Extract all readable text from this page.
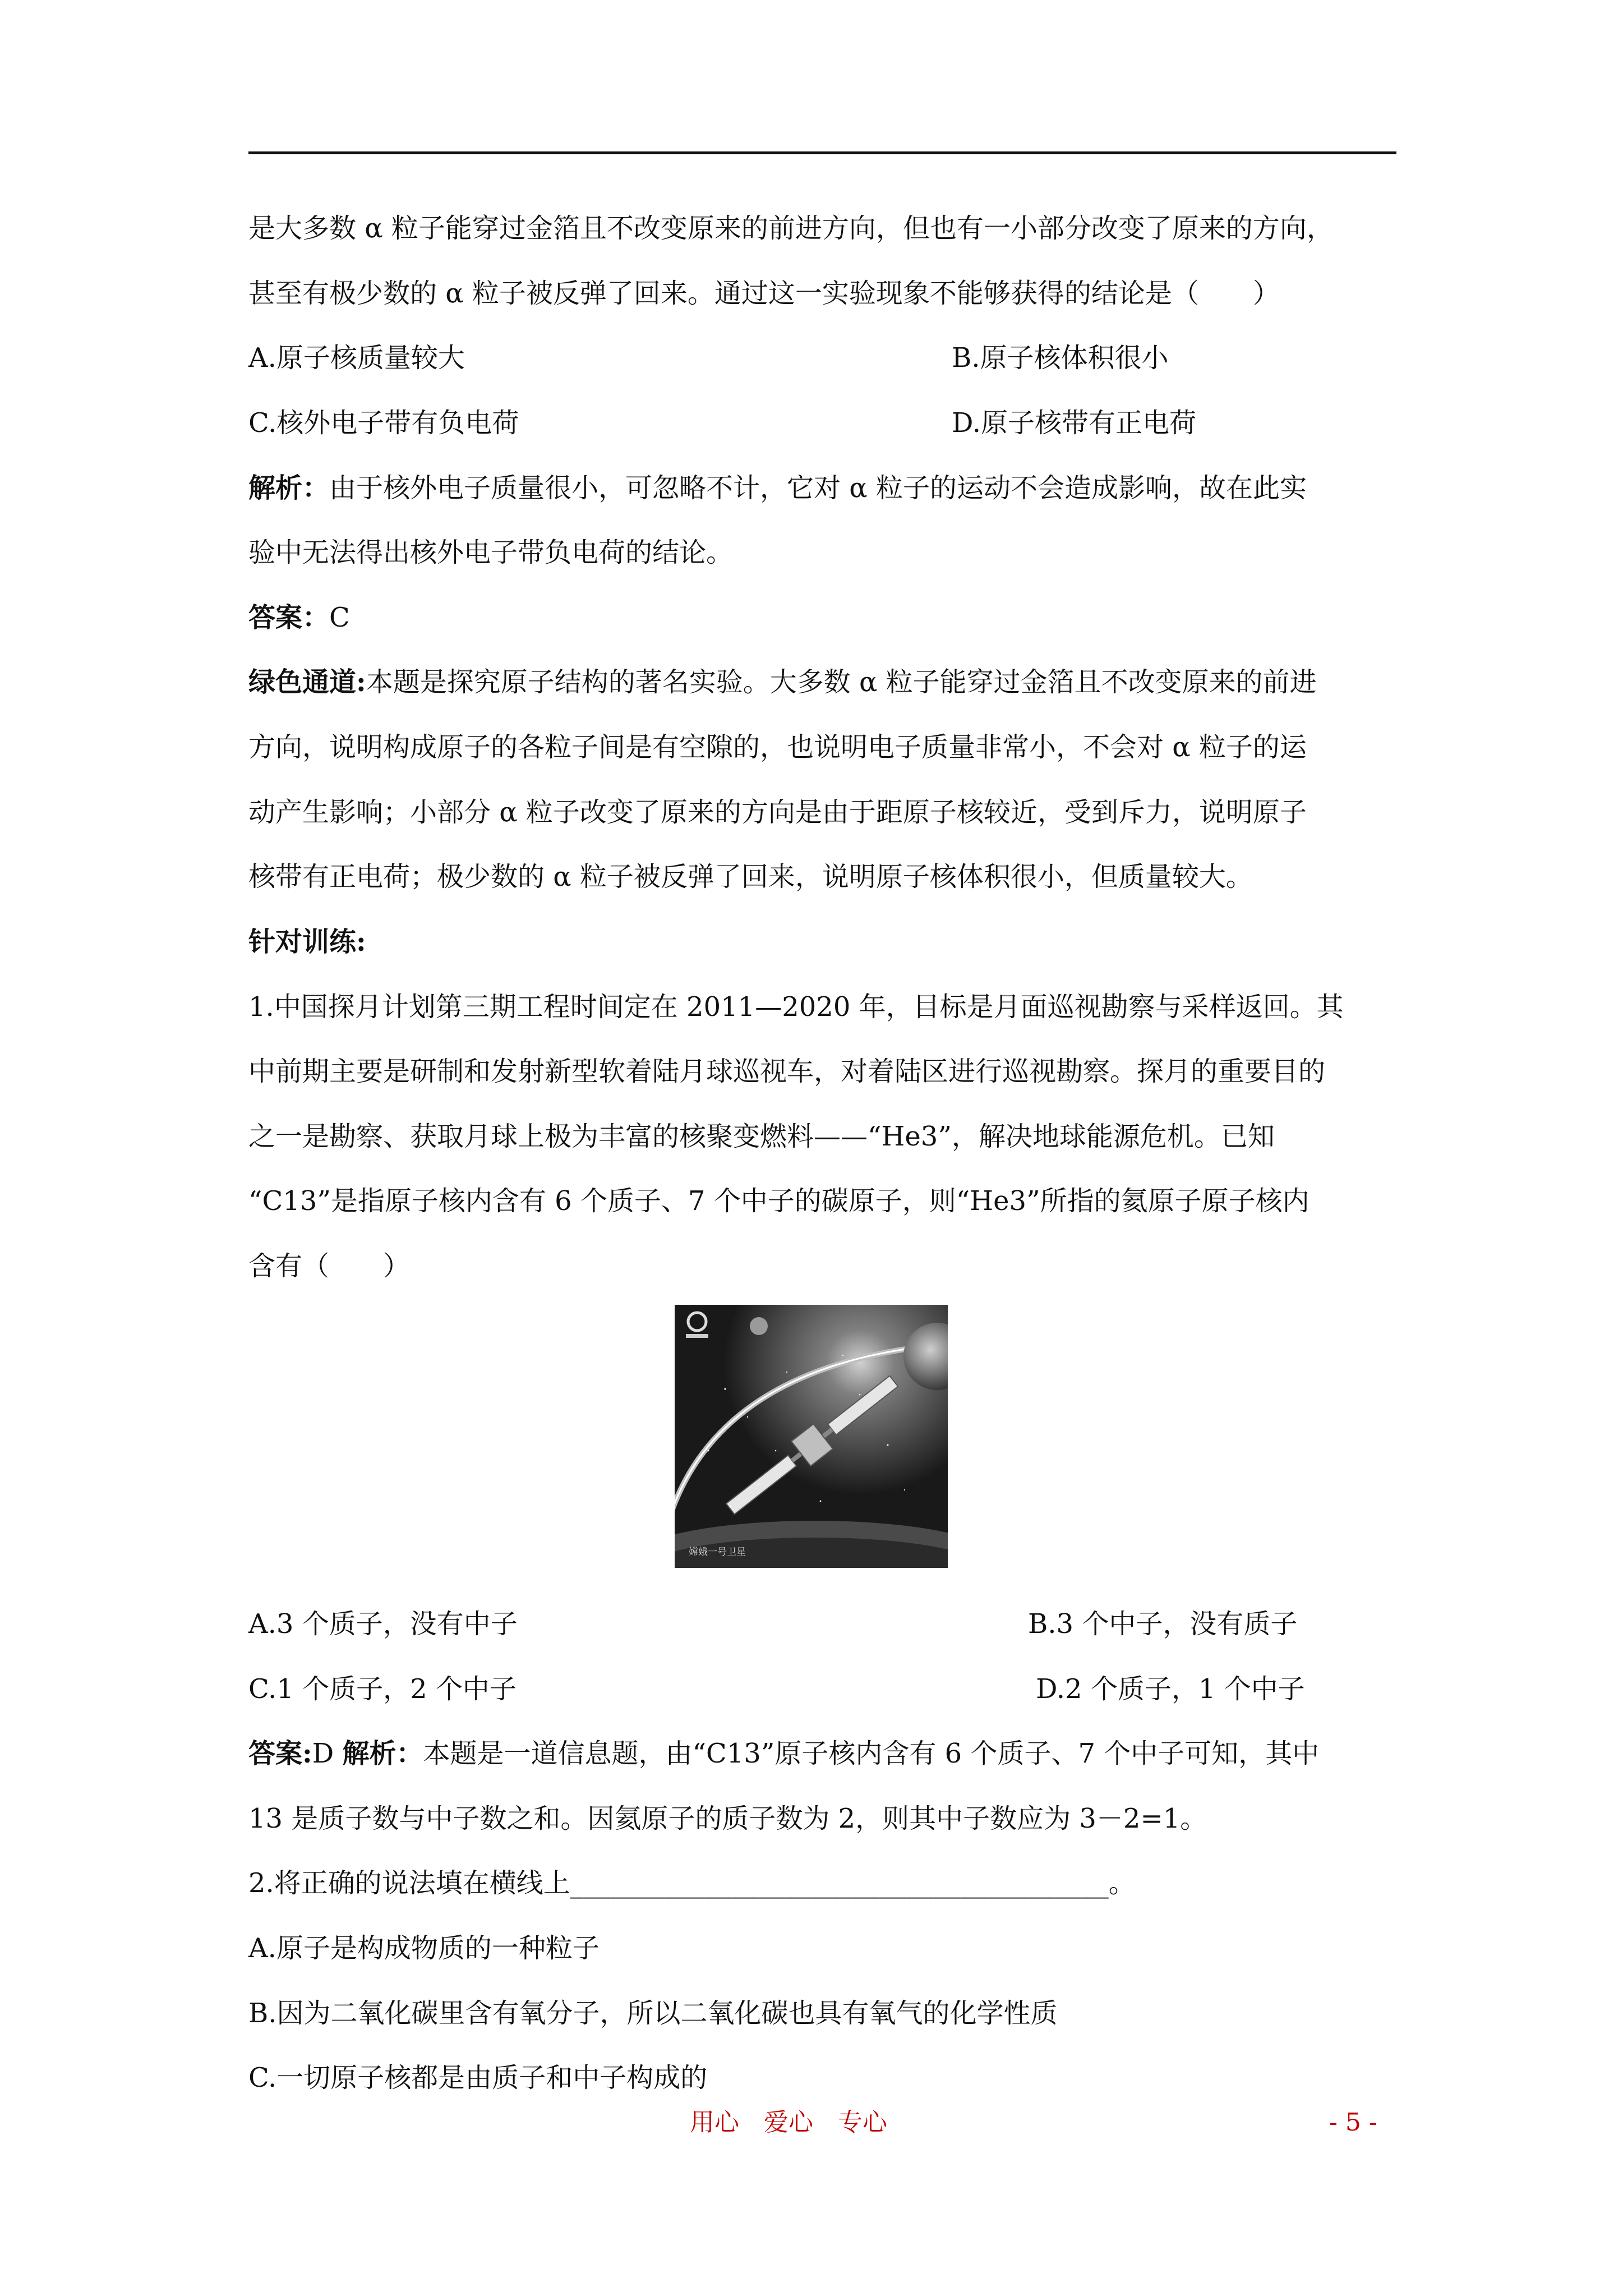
是大多数 α 粒子能穿过金箔且不改变原来的前进方向，但也有一小部分改变了原来的方向，
甚至有极少数的 α 粒子被反弹了回来。通过这一实验现象不能够获得的结论是（　　）
A.原子核质量较大	B.原子核体积很小
C.核外电子带有负电荷	D.原子核带有正电荷
解析：由于核外电子质量很小，可忽略不计，它对 α 粒子的运动不会造成影响，故在此实
验中无法得出核外电子带负电荷的结论。
答案：C
绿色通道:本题是探究原子结构的著名实验。大多数 α 粒子能穿过金箔且不改变原来的前进
方向，说明构成原子的各粒子间是有空隙的，也说明电子质量非常小，不会对 α 粒子的运
动产生影响；小部分 α 粒子改变了原来的方向是由于距原子核较近，受到斥力，说明原子
核带有正电荷；极少数的 α 粒子被反弹了回来，说明原子核体积很小，但质量较大。
针对训练:
1.中国探月计划第三期工程时间定在 2011—2020 年，目标是月面巡视勘察与采样返回。其
中前期主要是研制和发射新型软着陆月球巡视车，对着陆区进行巡视勘察。探月的重要目的
之一是勘察、获取月球上极为丰富的核聚变燃料——“He3”，解决地球能源危机。已知
“C13”是指原子核内含有 6 个质子、7 个中子的碳原子，则“He3”所指的氦原子原子核内
含有（　　）
嫦娥一号卫星
A.3 个质子，没有中子	B.3 个中子，没有质子
C.1 个质子，2 个中子	D.2 个质子，1 个中子
答案:D 解析：本题是一道信息题，由“C13”原子核内含有 6 个质子、7 个中子可知，其中
13 是质子数与中子数之和。因氦原子的质子数为 2，则其中子数应为 3－2=1。
2.将正确的说法填在横线上________________________________________。
A.原子是构成物质的一种粒子
B.因为二氧化碳里含有氧分子，所以二氧化碳也具有氧气的化学性质
C.一切原子核都是由质子和中子构成的
用心　爱心　专心	- 5 -
